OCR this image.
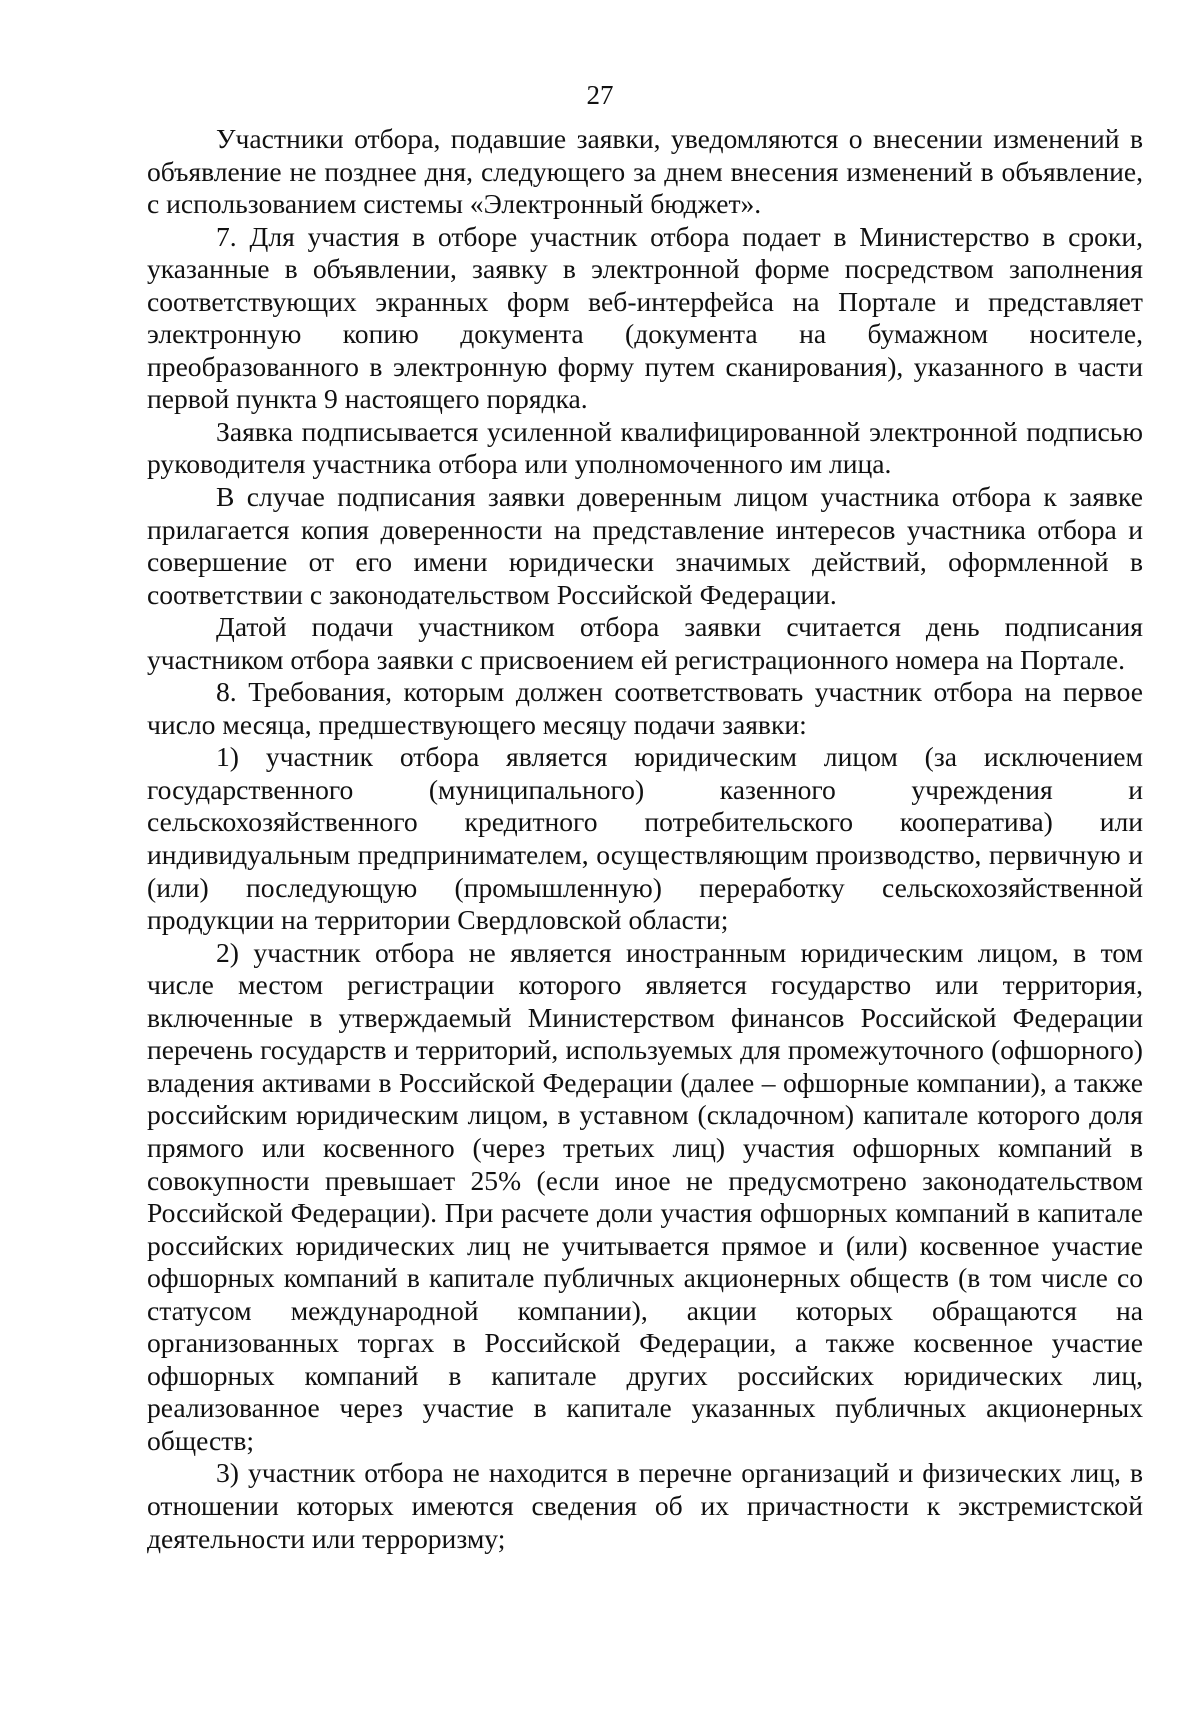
27

Участники отбора, подавшие заявки, уведомляются о внесении изменений в объявление не позднее дня, следующего за днем внесения изменений в объявление, с использованием системы «Электронный бюджет».

7. Для участия в отборе участник отбора подает в Министерство в сроки, указанные в объявлении, заявку в электронной форме посредством заполнения соответствующих экранных форм веб-интерфейса на Портале и представляет электронную копию документа (документа на бумажном носителе, преобразованного в электронную форму путем сканирования), указанного в части первой пункта 9 настоящего порядка.

Заявка подписывается усиленной квалифицированной электронной подписью руководителя участника отбора или уполномоченного им лица.

В случае подписания заявки доверенным лицом участника отбора к заявке прилагается копия доверенности на представление интересов участника отбора и совершение от его имени юридически значимых действий, оформленной в соответствии с законодательством Российской Федерации.

Датой подачи участником отбора заявки считается день подписания участником отбора заявки с присвоением ей регистрационного номера на Портале.

8. Требования, которым должен соответствовать участник отбора на первое число месяца, предшествующего месяцу подачи заявки:

1) участник отбора является юридическим лицом (за исключением государственного (муниципального) казенного учреждения и сельскохозяйственного кредитного потребительского кооператива) или индивидуальным предпринимателем, осуществляющим производство, первичную и (или) последующую (промышленную) переработку сельскохозяйственной продукции на территории Свердловской области;

2) участник отбора не является иностранным юридическим лицом, в том числе местом регистрации которого является государство или территория, включенные в утверждаемый Министерством финансов Российской Федерации перечень государств и территорий, используемых для промежуточного (офшорного) владения активами в Российской Федерации (далее – офшорные компании), а также российским юридическим лицом, в уставном (складочном) капитале которого доля прямого или косвенного (через третьих лиц) участия офшорных компаний в совокупности превышает 25% (если иное не предусмотрено законодательством Российской Федерации). При расчете доли участия офшорных компаний в капитале российских юридических лиц не учитывается прямое и (или) косвенное участие офшорных компаний в капитале публичных акционерных обществ (в том числе со статусом международной компании), акции которых обращаются на организованных торгах в Российской Федерации, а также косвенное участие офшорных компаний в капитале других российских юридических лиц, реализованное через участие в капитале указанных публичных акционерных обществ;

3) участник отбора не находится в перечне организаций и физических лиц, в отношении которых имеются сведения об их причастности к экстремистской деятельности или терроризму;
